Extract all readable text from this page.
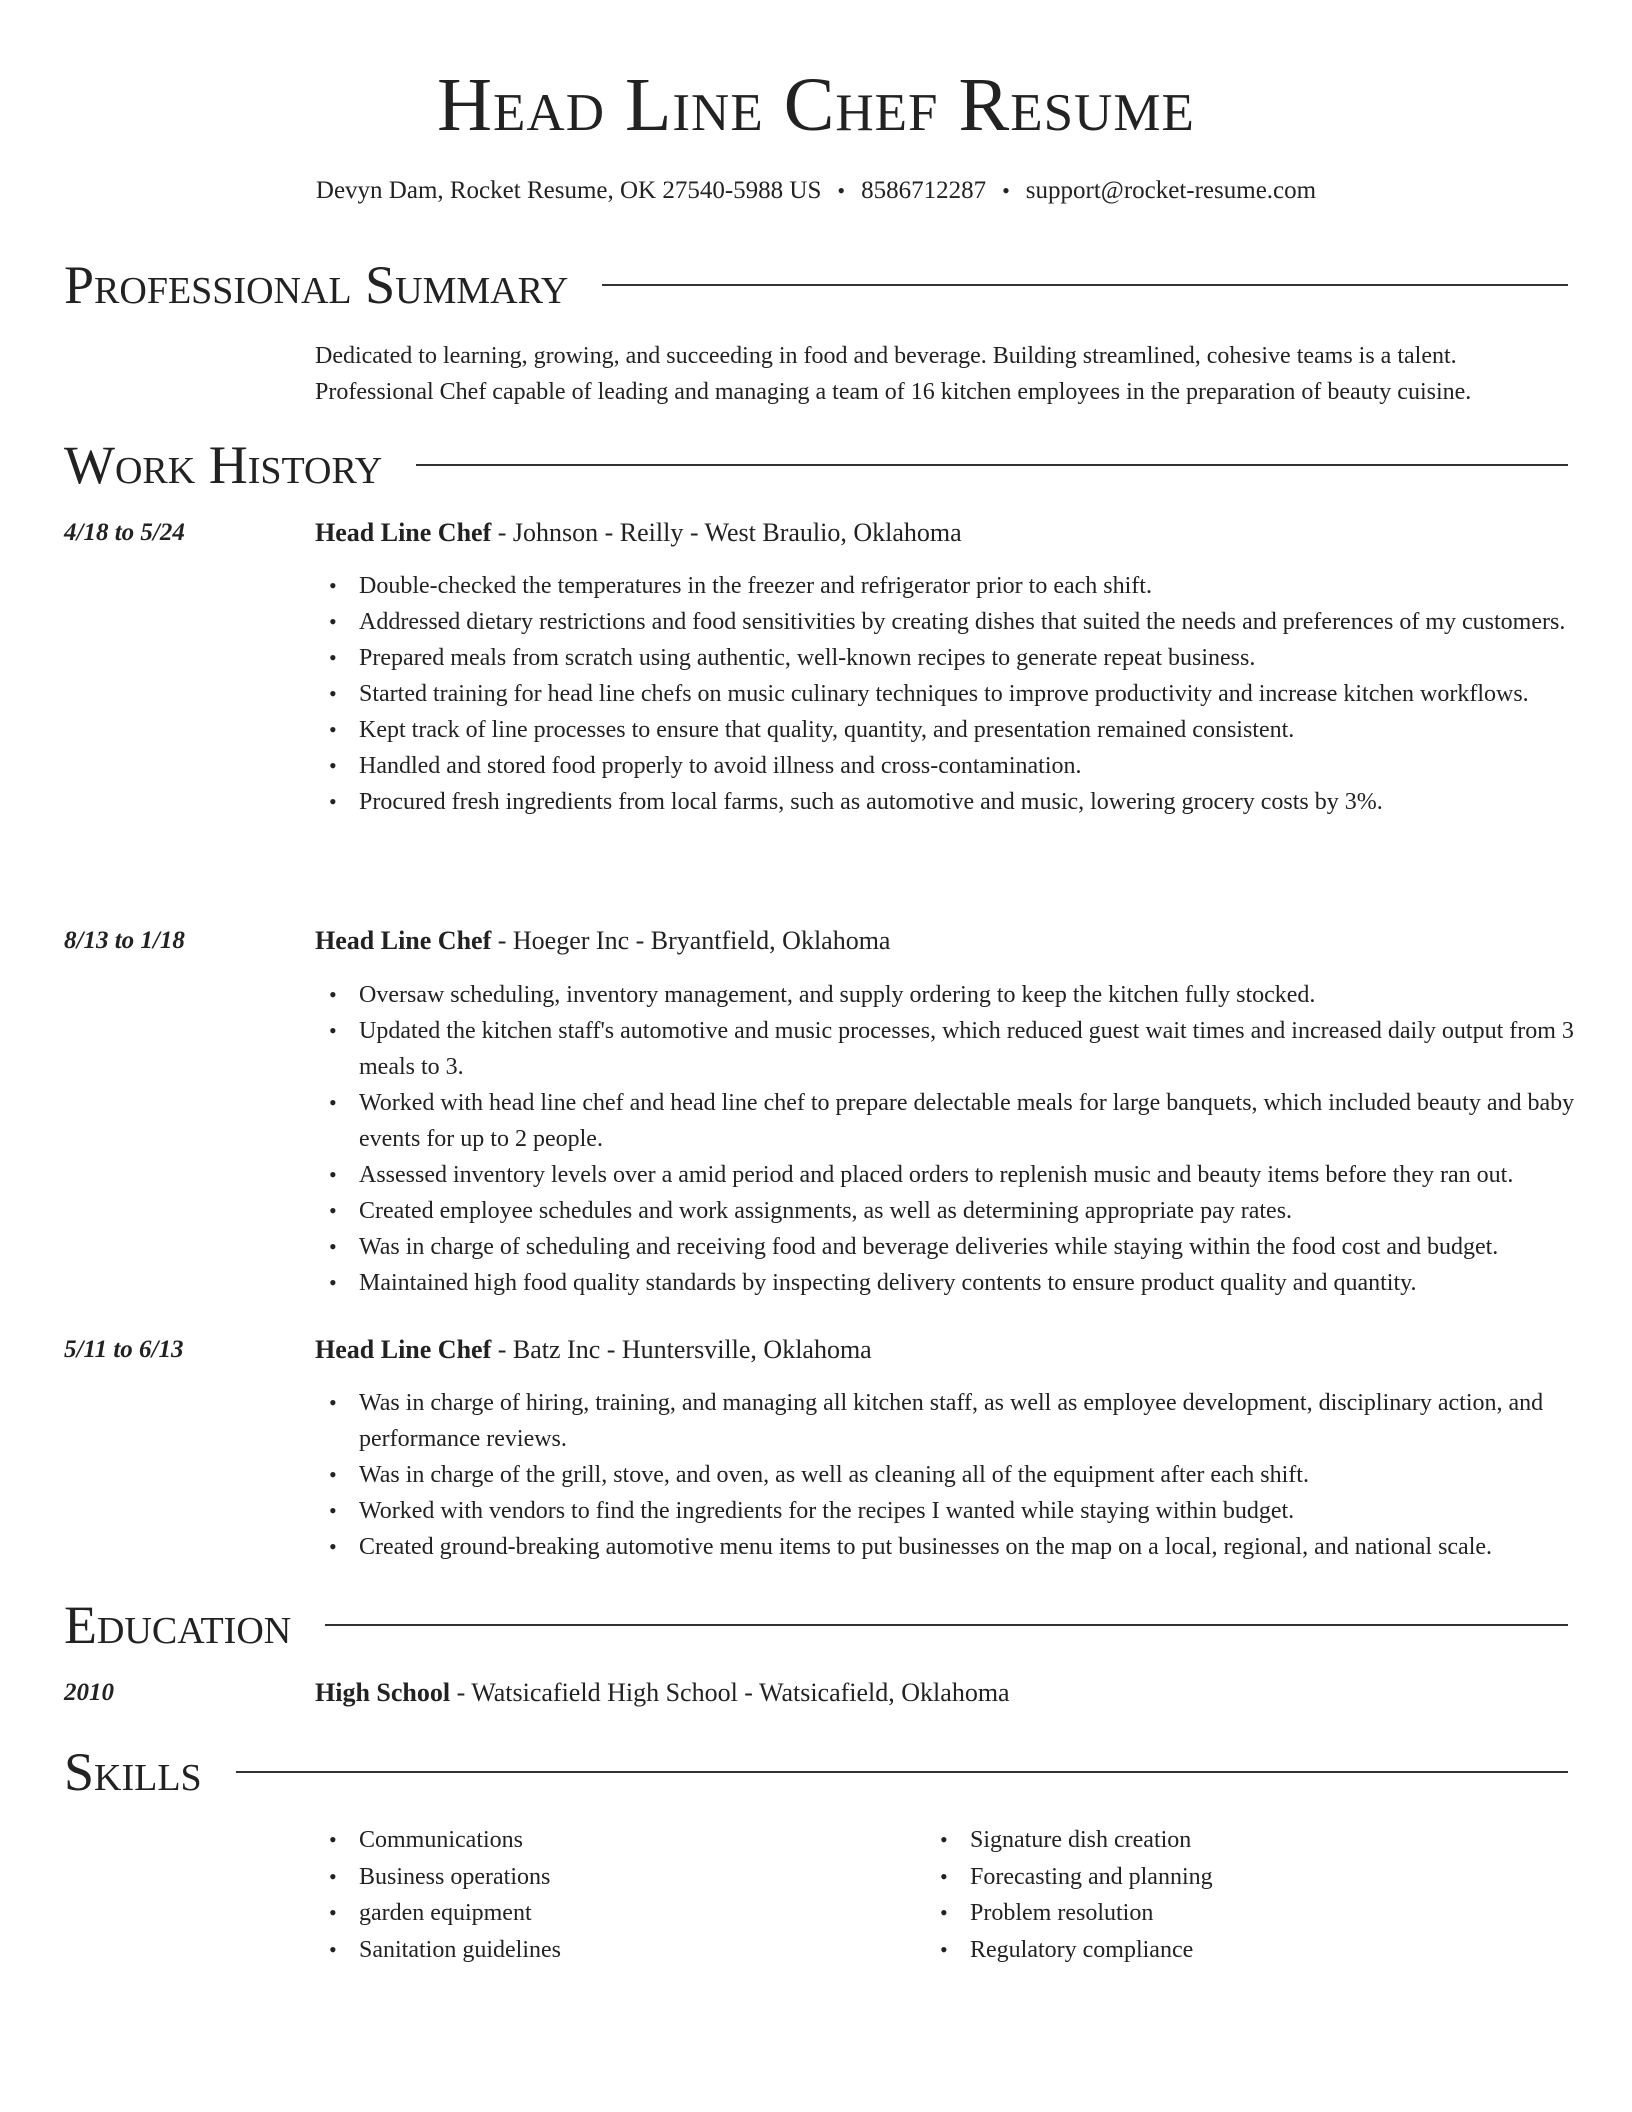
Head Line Chef Resume
Devyn Dam, Rocket Resume, OK 27540-5988 US • 8586712287 • support@rocket-resume.com
Professional Summary
Dedicated to learning, growing, and succeeding in food and beverage. Building streamlined, cohesive teams is a talent. Professional Chef capable of leading and managing a team of 16 kitchen employees in the preparation of beauty cuisine.
Work History
4/18 to 5/24	Head Line Chef - Johnson - Reilly - West Braulio, Oklahoma
• Double-checked the temperatures in the freezer and refrigerator prior to each shift.
• Addressed dietary restrictions and food sensitivities by creating dishes that suited the needs and preferences of my customers.
• Prepared meals from scratch using authentic, well-known recipes to generate repeat business.
• Started training for head line chefs on music culinary techniques to improve productivity and increase kitchen workflows.
• Kept track of line processes to ensure that quality, quantity, and presentation remained consistent.
• Handled and stored food properly to avoid illness and cross-contamination.
• Procured fresh ingredients from local farms, such as automotive and music, lowering grocery costs by 3%.
8/13 to 1/18	Head Line Chef - Hoeger Inc - Bryantfield, Oklahoma
• Oversaw scheduling, inventory management, and supply ordering to keep the kitchen fully stocked.
• Updated the kitchen staff's automotive and music processes, which reduced guest wait times and increased daily output from 3 meals to 3.
• Worked with head line chef and head line chef to prepare delectable meals for large banquets, which included beauty and baby events for up to 2 people.
• Assessed inventory levels over a amid period and placed orders to replenish music and beauty items before they ran out.
• Created employee schedules and work assignments, as well as determining appropriate pay rates.
• Was in charge of scheduling and receiving food and beverage deliveries while staying within the food cost and budget.
• Maintained high food quality standards by inspecting delivery contents to ensure product quality and quantity.
5/11 to 6/13	Head Line Chef - Batz Inc - Huntersville, Oklahoma
• Was in charge of hiring, training, and managing all kitchen staff, as well as employee development, disciplinary action, and performance reviews.
• Was in charge of the grill, stove, and oven, as well as cleaning all of the equipment after each shift.
• Worked with vendors to find the ingredients for the recipes I wanted while staying within budget.
• Created ground-breaking automotive menu items to put businesses on the map on a local, regional, and national scale.
Education
2010	High School - Watsicafield High School - Watsicafield, Oklahoma
Skills
• Communications
• Business operations
• garden equipment
• Sanitation guidelines
• Signature dish creation
• Forecasting and planning
• Problem resolution
• Regulatory compliance
